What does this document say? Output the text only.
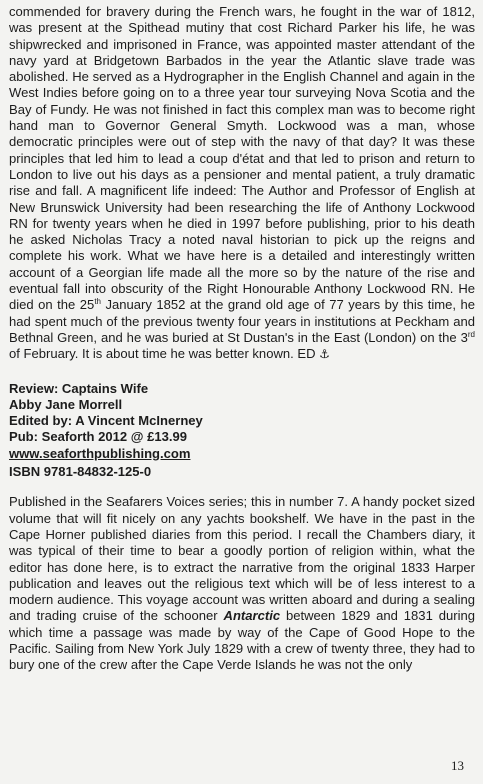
commended for bravery during the French wars, he fought in the war of 1812, was present at the Spithead mutiny that cost Richard Parker his life, he was shipwrecked and imprisoned in France, was appointed master attendant of the navy yard at Bridgetown Barbados in the year the Atlantic slave trade was abolished. He served as a Hydrographer in the English Channel and again in the West Indies before going on to a three year tour surveying Nova Scotia and the Bay of Fundy. He was not finished in fact this complex man was to become right hand man to Governor General Smyth. Lockwood was a man, whose democratic principles were out of step with the navy of that day? It was these principles that led him to lead a coup d'état and that led to prison and return to London to live out his days as a pensioner and mental patient, a truly dramatic rise and fall. A magnificent life indeed: The Author and Professor of English at New Brunswick University had been researching the life of Anthony Lockwood RN for twenty years when he died in 1997 before publishing, prior to his death he asked Nicholas Tracy a noted naval historian to pick up the reigns and complete his work. What we have here is a detailed and interestingly written account of a Georgian life made all the more so by the nature of the rise and eventual fall into obscurity of the Right Honourable Anthony Lockwood RN. He died on the 25th January 1852 at the grand old age of 77 years by this time, he had spent much of the previous twenty four years in institutions at Peckham and Bethnal Green, and he was buried at St Dustan's in the East (London) on the 3rd of February. It is about time he was better known. ED ⚓

Review: Captains Wife
Abby Jane Morrell
Edited by: A Vincent McInerney
Pub: Seaforth 2012 @ £13.99
www.seaforthpublishing.com
ISBN 9781-84832-125-0

Published in the Seafarers Voices series; this in number 7. A handy pocket sized volume that will fit nicely on any yachts bookshelf. We have in the past in the Cape Horner published diaries from this period. I recall the Chambers diary, it was typical of their time to bear a goodly portion of religion within, what the editor has done here, is to extract the narrative from the original 1833 Harper publication and leaves out the religious text which will be of less interest to a modern audience. This voyage account was written aboard and during a sealing and trading cruise of the schooner Antarctic between 1829 and 1831 during which time a passage was made by way of the Cape of Good Hope to the Pacific. Sailing from New York July 1829 with a crew of twenty three, they had to bury one of the crew after the Cape Verde Islands he was not the only

13
